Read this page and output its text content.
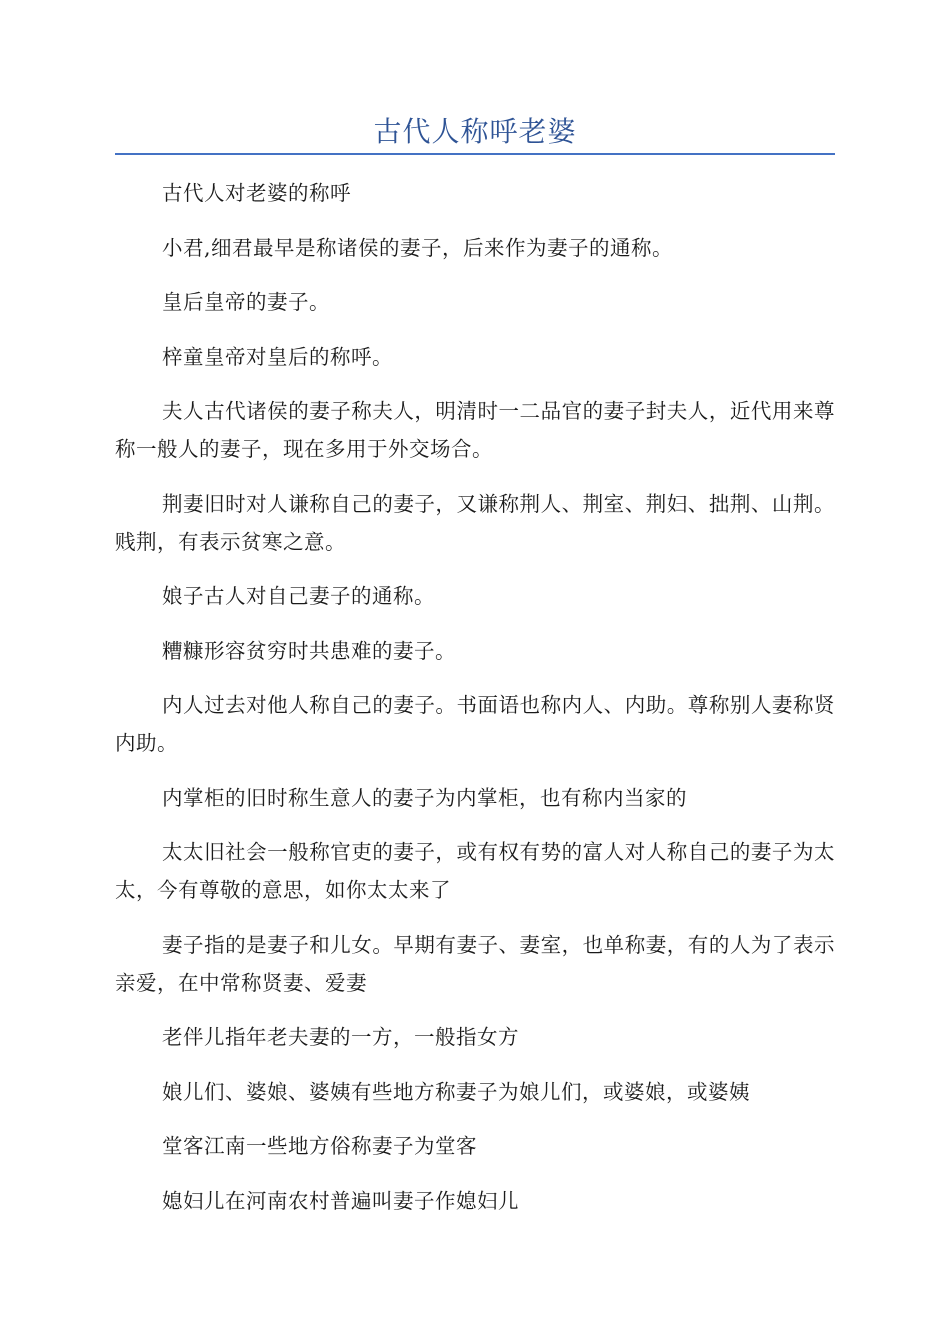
古代人称呼老婆

古代人对老婆的称呼

小君,细君最早是称诸侯的妻子，后来作为妻子的通称。

皇后皇帝的妻子。

梓童皇帝对皇后的称呼。

夫人古代诸侯的妻子称夫人，明清时一二品官的妻子封夫人，近代用来尊称一般人的妻子，现在多用于外交场合。

荆妻旧时对人谦称自己的妻子，又谦称荆人、荆室、荆妇、拙荆、山荆。贱荆，有表示贫寒之意。

娘子古人对自己妻子的通称。

糟糠形容贫穷时共患难的妻子。

内人过去对他人称自己的妻子。书面语也称内人、内助。尊称别人妻称贤内助。

内掌柜的旧时称生意人的妻子为内掌柜，也有称内当家的

太太旧社会一般称官吏的妻子，或有权有势的富人对人称自己的妻子为太太，今有尊敬的意思，如你太太来了

妻子指的是妻子和儿女。早期有妻子、妻室，也单称妻，有的人为了表示亲爱，在中常称贤妻、爱妻

老伴儿指年老夫妻的一方，一般指女方

娘儿们、婆娘、婆姨有些地方称妻子为娘儿们，或婆娘，或婆姨

堂客江南一些地方俗称妻子为堂客

媳妇儿在河南农村普遍叫妻子作媳妇儿
